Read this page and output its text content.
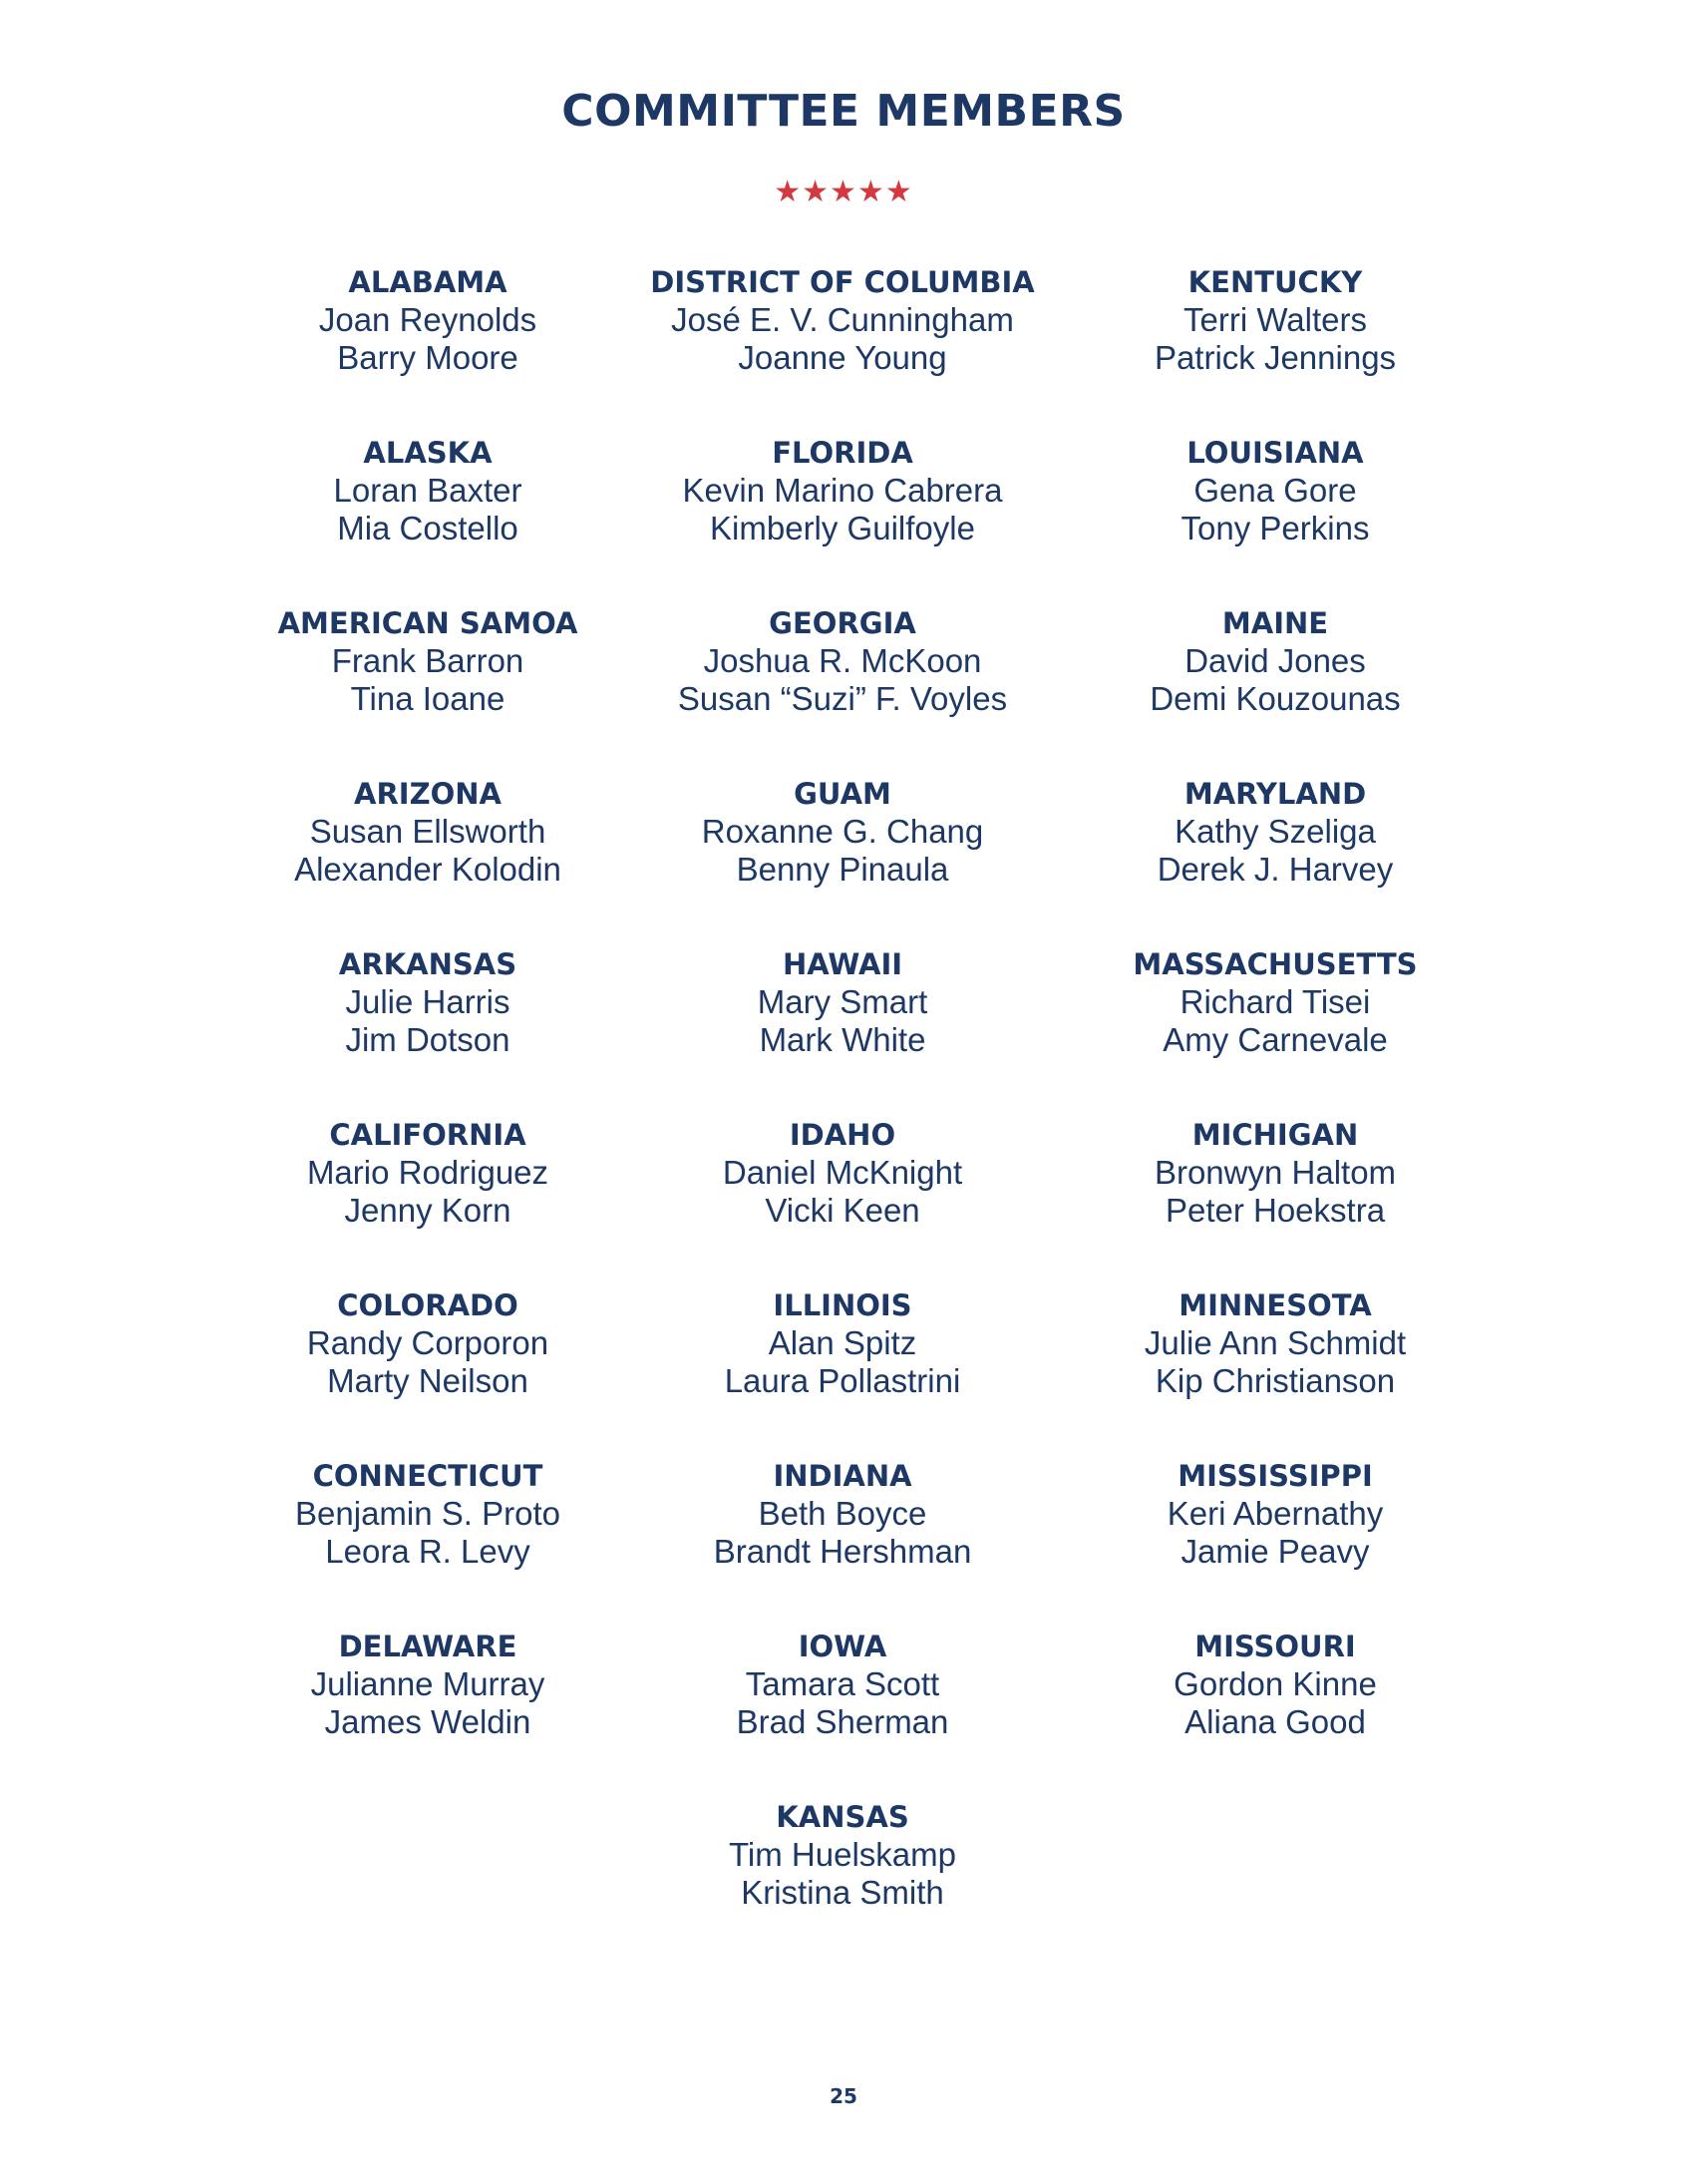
COMMITTEE MEMBERS
★★★★★
ALABAMA
Joan Reynolds
Barry Moore
ALASKA
Loran Baxter
Mia Costello
AMERICAN SAMOA
Frank Barron
Tina Ioane
ARIZONA
Susan Ellsworth
Alexander Kolodin
ARKANSAS
Julie Harris
Jim Dotson
CALIFORNIA
Mario Rodriguez
Jenny Korn
COLORADO
Randy Corporon
Marty Neilson
CONNECTICUT
Benjamin S. Proto
Leora R. Levy
DELAWARE
Julianne Murray
James Weldin
DISTRICT OF COLUMBIA
José E. V. Cunningham
Joanne Young
FLORIDA
Kevin Marino Cabrera
Kimberly Guilfoyle
GEORGIA
Joshua R. McKoon
Susan “Suzi” F. Voyles
GUAM
Roxanne G. Chang
Benny Pinaula
HAWAII
Mary Smart
Mark White
IDAHO
Daniel McKnight
Vicki Keen
ILLINOIS
Alan Spitz
Laura Pollastrini
INDIANA
Beth Boyce
Brandt Hershman
IOWA
Tamara Scott
Brad Sherman
KANSAS
Tim Huelskamp
Kristina Smith
KENTUCKY
Terri Walters
Patrick Jennings
LOUISIANA
Gena Gore
Tony Perkins
MAINE
David Jones
Demi Kouzounas
MARYLAND
Kathy Szeliga
Derek J. Harvey
MASSACHUSETTS
Richard Tisei
Amy Carnevale
MICHIGAN
Bronwyn Haltom
Peter Hoekstra
MINNESOTA
Julie Ann Schmidt
Kip Christianson
MISSISSIPPI
Keri Abernathy
Jamie Peavy
MISSOURI
Gordon Kinne
Aliana Good
25
